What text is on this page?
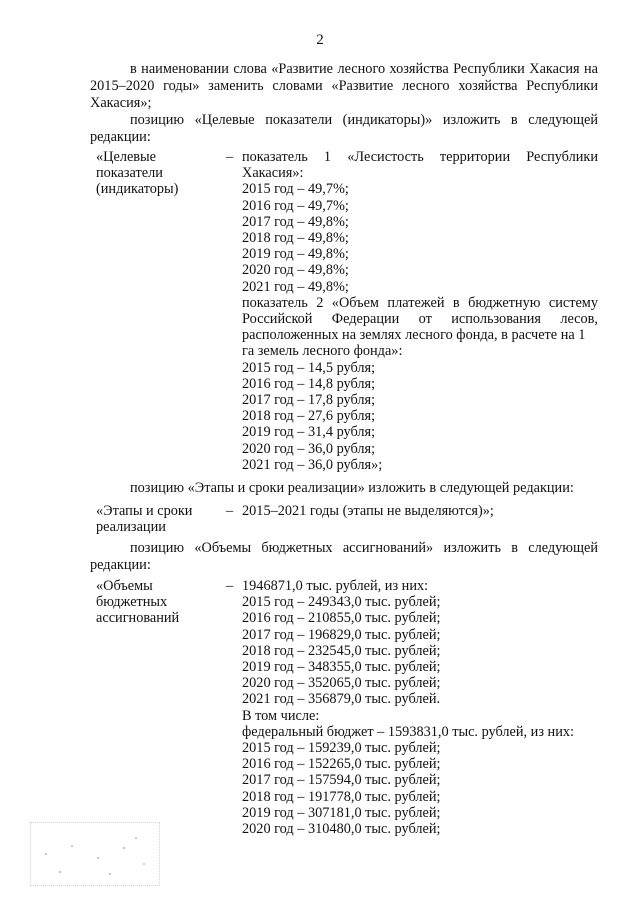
2
в наименовании слова «Развитие лесного хозяйства Республики Хакасия на 2015–2020 годы» заменить словами «Развитие лесного хозяйства Республики Хакасия»;
позицию «Целевые показатели (индикаторы)» изложить в следующей редакции:
«Целевые показатели (индикаторы)
– показатель 1 «Лесистость территории Республики Хакасия»:
2015 год – 49,7%;
2016 год – 49,7%;
2017 год – 49,8%;
2018 год – 49,8%;
2019 год – 49,8%;
2020 год – 49,8%;
2021 год – 49,8%;
показатель 2 «Объем платежей в бюджетную систему Российской Федерации от использования лесов,
расположенных на землях лесного фонда, в расчете на 1 га земель лесного фонда»:
2015 год – 14,5 рубля;
2016 год – 14,8 рубля;
2017 год – 17,8 рубля;
2018 год – 27,6 рубля;
2019 год – 31,4 рубля;
2020 год – 36,0 рубля;
2021 год – 36,0 рубля»;
позицию «Этапы и сроки реализации» изложить в следующей редакции:
«Этапы и сроки реализации
– 2015–2021 годы (этапы не выделяются)»;
позицию «Объемы бюджетных ассигнований» изложить в следующей редакции:
«Объемы бюджетных ассигнований
– 1946871,0 тыс. рублей, из них:
2015 год – 249343,0 тыс. рублей;
2016 год – 210855,0 тыс. рублей;
2017 год – 196829,0 тыс. рублей;
2018 год – 232545,0 тыс. рублей;
2019 год – 348355,0 тыс. рублей;
2020 год – 352065,0 тыс. рублей;
2021 год – 356879,0 тыс. рублей.
В том числе:
федеральный бюджет – 1593831,0 тыс. рублей, из них:
2015 год – 159239,0 тыс. рублей;
2016 год – 152265,0 тыс. рублей;
2017 год – 157594,0 тыс. рублей;
2018 год – 191778,0 тыс. рублей;
2019 год – 307181,0 тыс. рублей;
2020 год – 310480,0 тыс. рублей;
